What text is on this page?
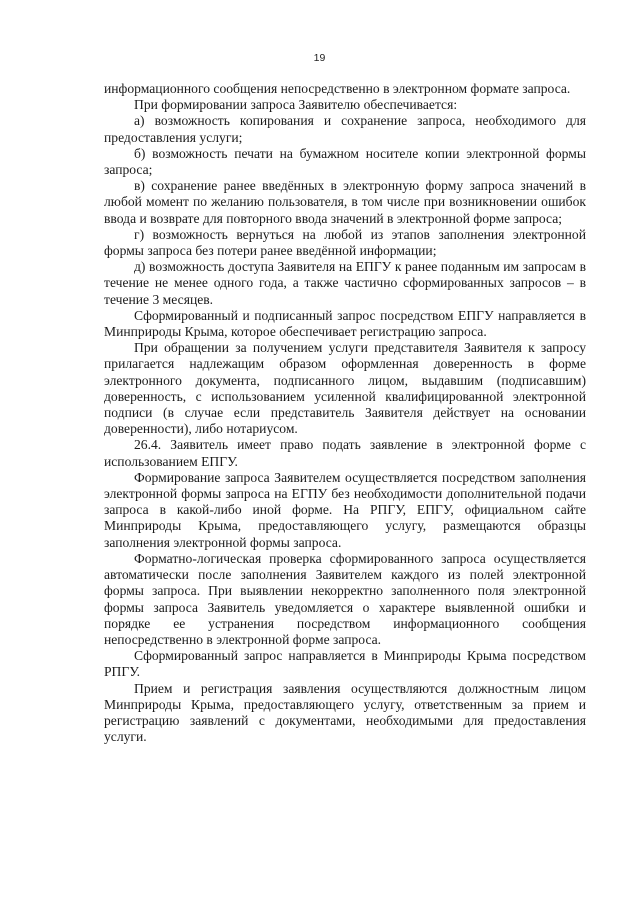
19

информационного сообщения непосредственно в электронном формате запроса.

При формировании запроса Заявителю обеспечивается:

а) возможность копирования и сохранение запроса, необходимого для предоставления услуги;

б) возможность печати на бумажном носителе копии электронной формы запроса;

в) сохранение ранее введённых в электронную форму запроса значений в любой момент по желанию пользователя, в том числе при возникновении ошибок ввода и возврате для повторного ввода значений в электронной форме запроса;

г) возможность вернуться на любой из этапов заполнения электронной формы запроса без потери ранее введённой информации;

д) возможность доступа Заявителя на ЕПГУ к ранее поданным им запросам в течение не менее одного года, а также частично сформированных запросов – в течение 3 месяцев.

Сформированный и подписанный запрос посредством ЕПГУ направляется в Минприроды Крыма, которое обеспечивает регистрацию запроса.

При обращении за получением услуги представителя Заявителя к запросу прилагается надлежащим образом оформленная доверенность в форме электронного документа, подписанного лицом, выдавшим (подписавшим) доверенность, с использованием усиленной квалифицированной электронной подписи (в случае если представитель Заявителя действует на основании доверенности), либо нотариусом.

26.4. Заявитель имеет право подать заявление в электронной форме с использованием ЕПГУ.

Формирование запроса Заявителем осуществляется посредством заполнения электронной формы запроса на ЕГПУ без необходимости дополнительной подачи запроса в какой-либо иной форме. На РПГУ, ЕПГУ, официальном сайте Минприроды Крыма, предоставляющего услугу, размещаются образцы заполнения электронной формы запроса.

Форматно-логическая проверка сформированного запроса осуществляется автоматически после заполнения Заявителем каждого из полей электронной формы запроса. При выявлении некорректно заполненного поля электронной формы запроса Заявитель уведомляется о характере выявленной ошибки и порядке ее устранения посредством информационного сообщения непосредственно в электронной форме запроса.

Сформированный запрос направляется в Минприроды Крыма посредством РПГУ.

Прием и регистрация заявления осуществляются должностным лицом Минприроды Крыма, предоставляющего услугу, ответственным за прием и регистрацию заявлений с документами, необходимыми для предоставления услуги.
